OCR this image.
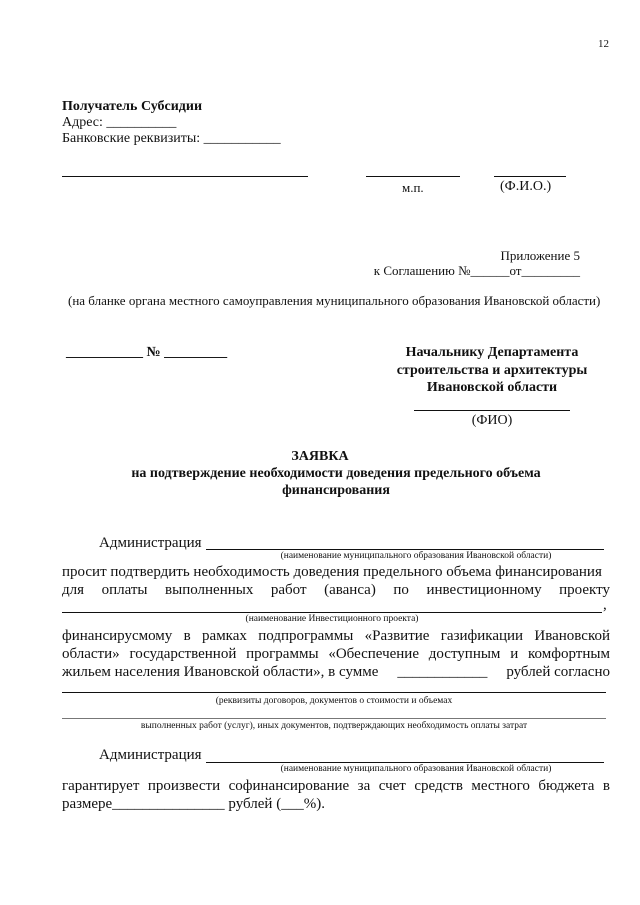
12
Получатель Субсидии
Адрес: __________
Банковские реквизиты: ___________
м.п.	(Ф.И.О.)
Приложение 5
к Соглашению №______от_________
(на бланке органа местного самоуправления муниципального образования Ивановской области)
___________ № _________	Начальнику Департамента
строительства и архитектуры
Ивановской области
(ФИО)
ЗАЯВКА
на подтверждение необходимости доведения предельного объема
финансирования
Администрация
(наименование муниципального образования Ивановской области)
просит подтвердить необходимость доведения предельного объема финансирования
для оплаты выполненных работ (аванса) по инвестиционному проекту
,
(наименование Инвестиционного проекта)
финансирусмому в рамках подпрограммы «Развитие газификации Ивановской
области» государственной программы «Обеспечение доступным и комфортным
жильем населения Ивановской области», в сумме ____________ рублей согласно
(реквизиты договоров, документов о стоимости и объемах
выполненных работ (услуг), иных документов, подтверждающих необходимость оплаты затрат
Администрация
(наименование муниципального образования Ивановской области)
гарантирует произвести софинансирование за счет средств местного бюджета в
размере_______________ рублей (___%).
